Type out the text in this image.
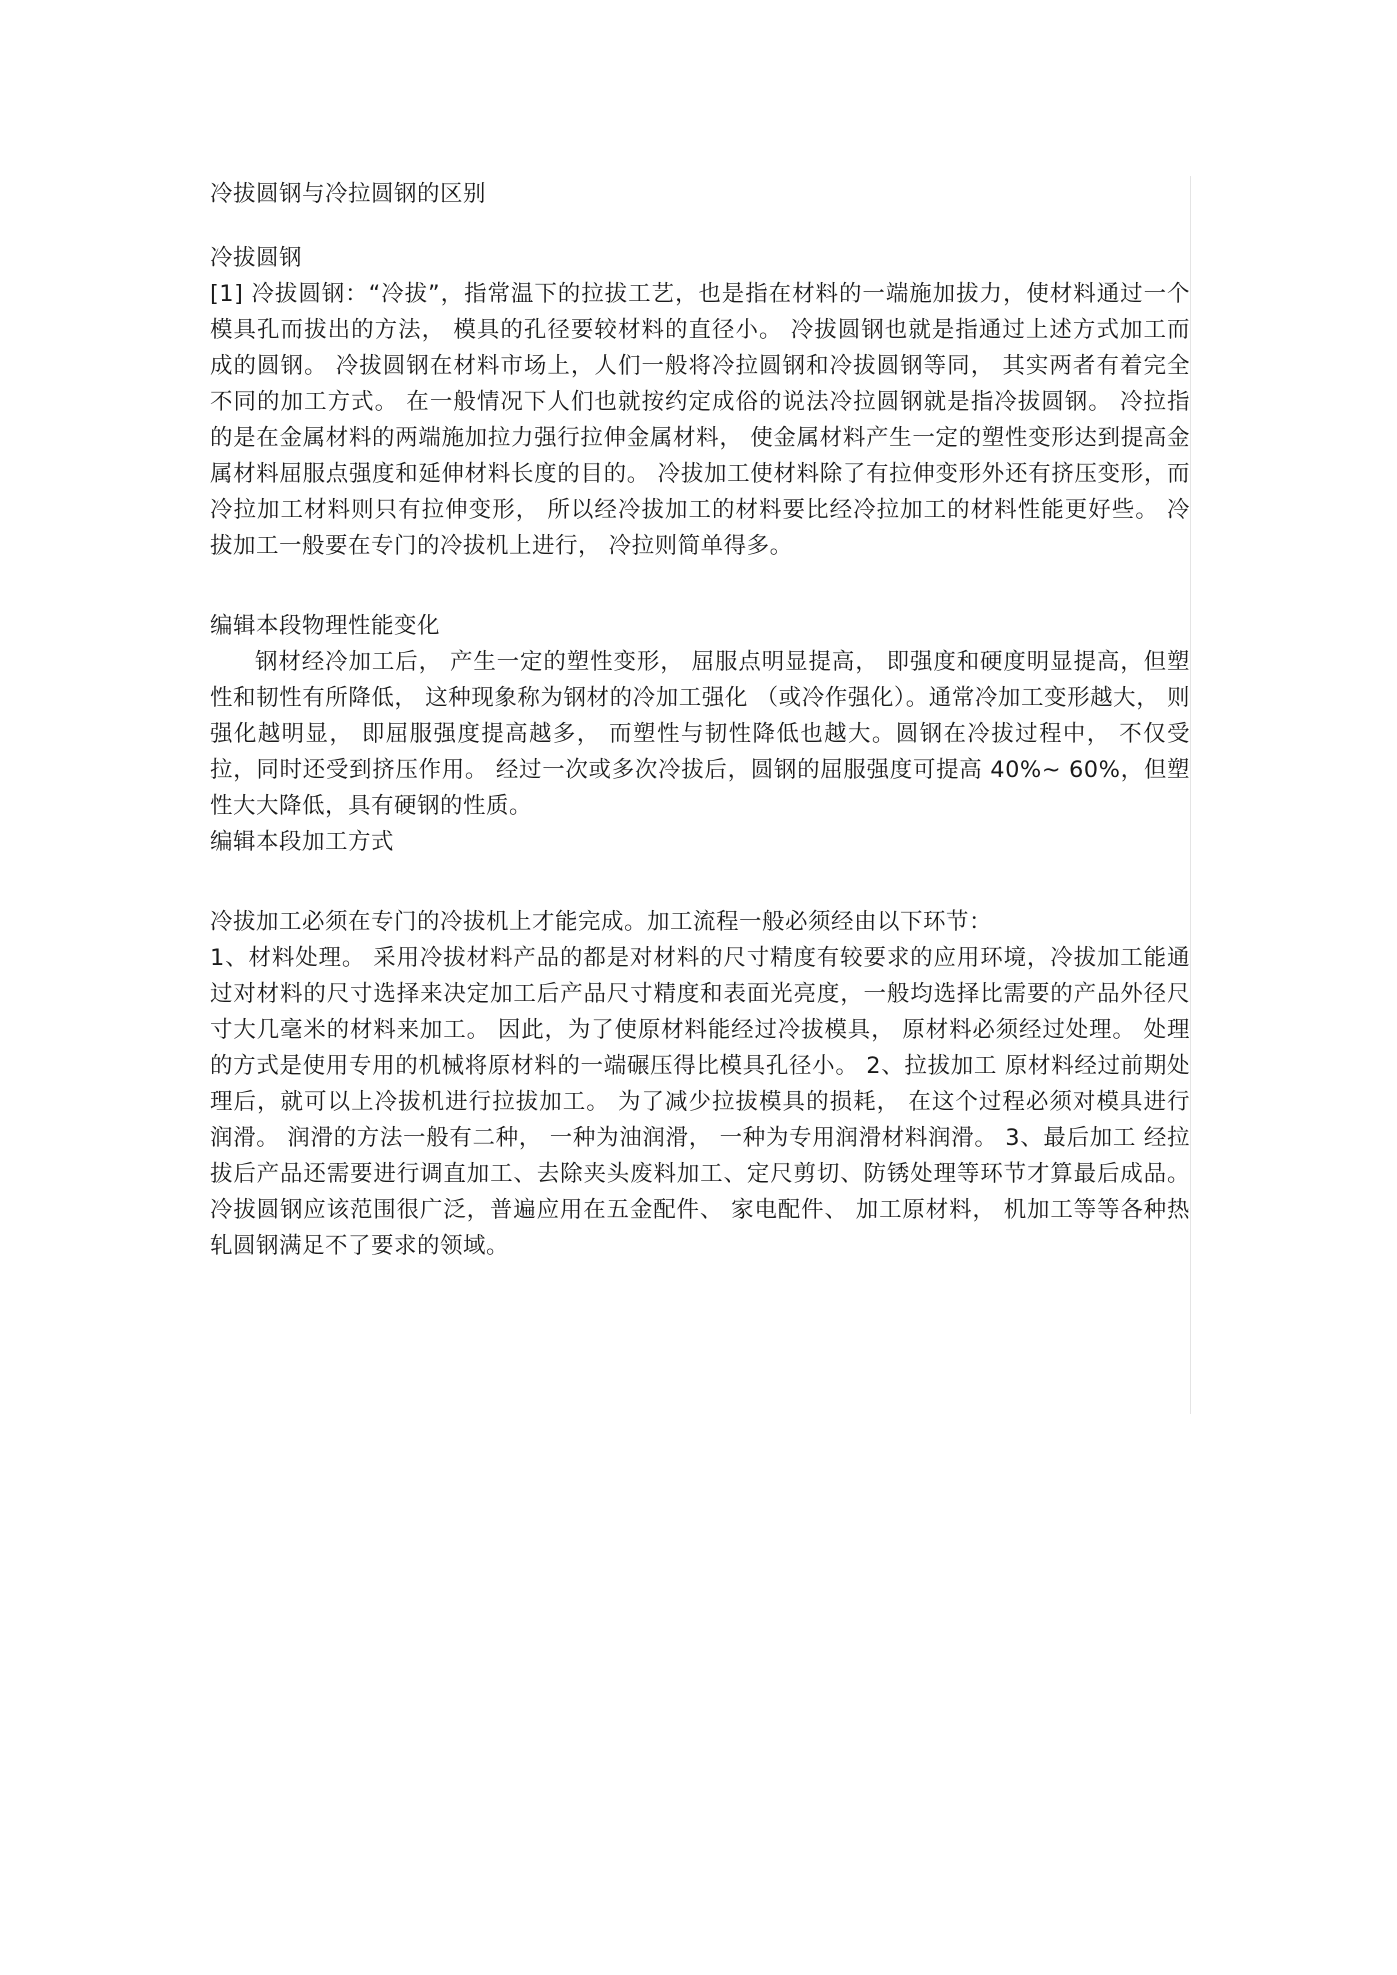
冷拔圆钢与冷拉圆钢的区别

冷拔圆钢

[1] 冷拔圆钢：“冷拔”，指常温下的拉拔工艺，也是指在材料的一端施加拔力，使材料通过一个模具孔而拔出的方法， 模具的孔径要较材料的直径小。 冷拔圆钢也就是指通过上述方式加工而成的圆钢。 冷拔圆钢在材料市场上，人们一般将冷拉圆钢和冷拔圆钢等同， 其实两者有着完全不同的加工方式。 在一般情况下人们也就按约定成俗的说法冷拉圆钢就是指冷拔圆钢。 冷拉指的是在金属材料的两端施加拉力强行拉伸金属材料， 使金属材料产生一定的塑性变形达到提高金属材料屈服点强度和延伸材料长度的目的。 冷拔加工使材料除了有拉伸变形外还有挤压变形，而冷拉加工材料则只有拉伸变形， 所以经冷拔加工的材料要比经冷拉加工的材料性能更好些。 冷拔加工一般要在专门的冷拔机上进行， 冷拉则简单得多。

编辑本段物理性能变化

钢材经冷加工后， 产生一定的塑性变形， 屈服点明显提高， 即强度和硬度明显提高，但塑性和韧性有所降低， 这种现象称为钢材的冷加工强化 （或冷作强化）。通常冷加工变形越大， 则强化越明显， 即屈服强度提高越多， 而塑性与韧性降低也越大。圆钢在冷拔过程中， 不仅受拉，同时还受到挤压作用。 经过一次或多次冷拔后，圆钢的屈服强度可提高 40%~ 60%，但塑性大大降低，具有硬钢的性质。

编辑本段加工方式

冷拔加工必须在专门的冷拔机上才能完成。加工流程一般必须经由以下环节：

1、材料处理。 采用冷拔材料产品的都是对材料的尺寸精度有较要求的应用环境，冷拔加工能通过对材料的尺寸选择来决定加工后产品尺寸精度和表面光亮度，一般均选择比需要的产品外径尺寸大几毫米的材料来加工。 因此，为了使原材料能经过冷拔模具， 原材料必须经过处理。 处理的方式是使用专用的机械将原材料的一端碾压得比模具孔径小。 2、拉拔加工 原材料经过前期处理后，就可以上冷拔机进行拉拔加工。 为了减少拉拔模具的损耗， 在这个过程必须对模具进行润滑。 润滑的方法一般有二种， 一种为油润滑， 一种为专用润滑材料润滑。 3、最后加工 经拉拔后产品还需要进行调直加工、去除夹头废料加工、定尺剪切、防锈处理等环节才算最后成品。冷拔圆钢应该范围很广泛，普遍应用在五金配件、 家电配件、 加工原材料， 机加工等等各种热轧圆钢满足不了要求的领域。
